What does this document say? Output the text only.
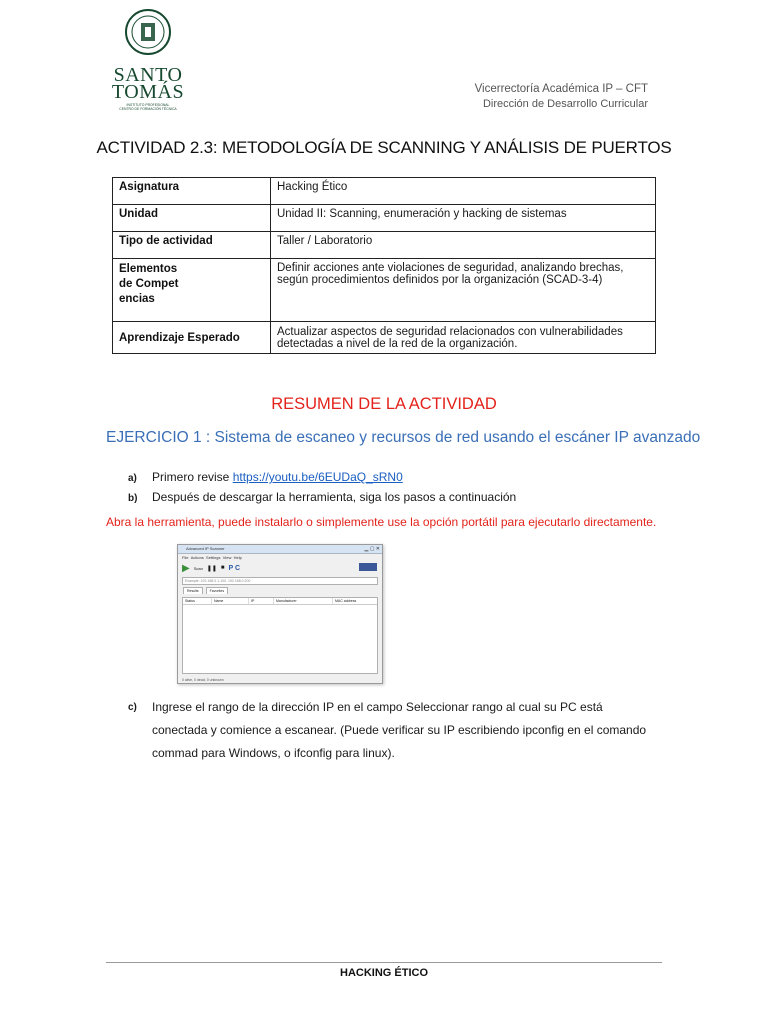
SANTO
TOMÁS
INSTITUTO PROFESIONAL
CENTRO DE FORMACIÓN TÉCNICA
Vicerrectoría Académica IP – CFT
Dirección de Desarrollo Curricular
ACTIVIDAD 2.3: METODOLOGÍA DE SCANNING Y ANÁLISIS DE PUERTOS
Asignatura	Hacking Ético
Unidad	Unidad II: Scanning, enumeración y hacking de sistemas
Tipo de actividad	Taller / Laboratorio

Elementos de Competencias	Definir acciones ante violaciones de seguridad, analizando brechas, según procedimientos definidos por la organización (SCAD-3-4)
Aprendizaje Esperado	Actualizar aspectos de seguridad relacionados con vulnerabilidades detectadas a nivel de la red de la organización.
RESUMEN DE LA ACTIVIDAD
EJERCICIO 1 : Sistema de escaneo y recursos de red usando el escáner IP avanzado
a) Primero revise https://youtu.be/6EUDaQ_sRN0
b) Después de descargar la herramienta, siga los pasos a continuación
Abra la herramienta, puede instalarlo o simplemente use la opción portátil para ejecutarlo directamente.
Advanced IP Scanner	▁ ▢ ✕
File Actions Settings View Help
▶ Scan ❚❚ ■ P C
Example: 192.168.0.1-100, 192.168.0.200
Results	Favorites
Status	Name	IP	Manufacturer	MAC address
0 alive, 0 dead, 0 unknown
c) Ingrese el rango de la dirección IP en el campo Seleccionar rango al cual su PC está conectada y comience a escanear. (Puede verificar su IP escribiendo ipconfig en el comando commad para Windows, o ifconfig para linux).
HACKING ÉTICO
